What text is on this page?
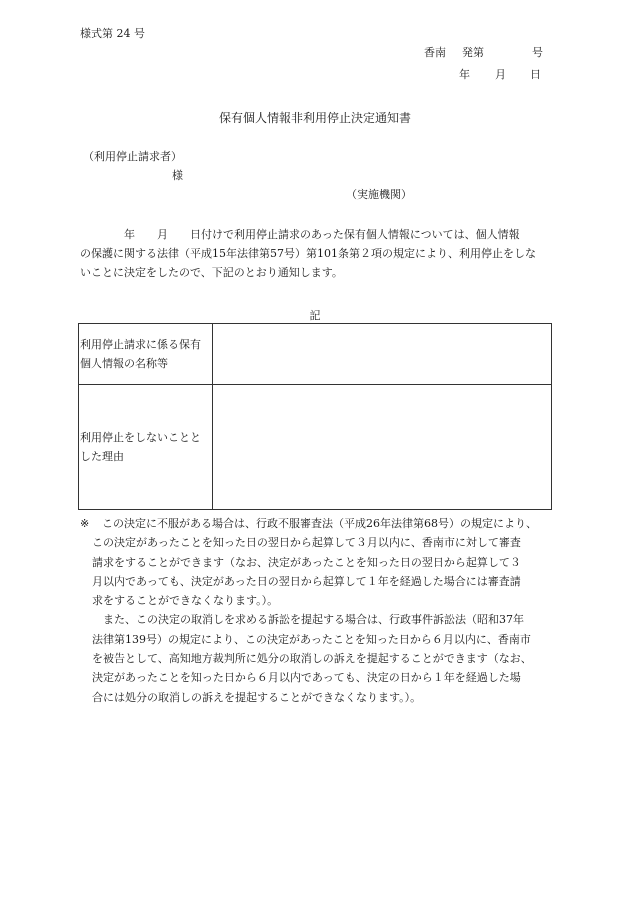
様式第 24 号
香南 発第	号
年 月 日
保有個人情報非利用停止決定通知書
（利用停止請求者）
様
（実施機関）
　　　　年　　月　　日付けで利用停止請求のあった保有個人情報については、個人情報
の保護に関する法律（平成15年法律第57号）第101条第２項の規定により、利用停止をしな
いことに決定をしたので、下記のとおり通知します。
記
利用停止請求に係る保有
個人情報の名称等	
利用停止をしないことと
した理由	
※ この決定に不服がある場合は、行政不服審査法（平成26年法律第68号）の規定により、
この決定があったことを知った日の翌日から起算して３月以内に、香南市に対して審査
請求をすることができます（なお、決定があったことを知った日の翌日から起算して３
月以内であっても、決定があった日の翌日から起算して１年を経過した場合には審査請
求をすることができなくなります。）。
　また、この決定の取消しを求める訴訟を提起する場合は、行政事件訴訟法（昭和37年
法律第139号）の規定により、この決定があったことを知った日から６月以内に、香南市
を被告として、高知地方裁判所に処分の取消しの訴えを提起することができます（なお、
決定があったことを知った日から６月以内であっても、決定の日から１年を経過した場
合には処分の取消しの訴えを提起することができなくなります。）。
